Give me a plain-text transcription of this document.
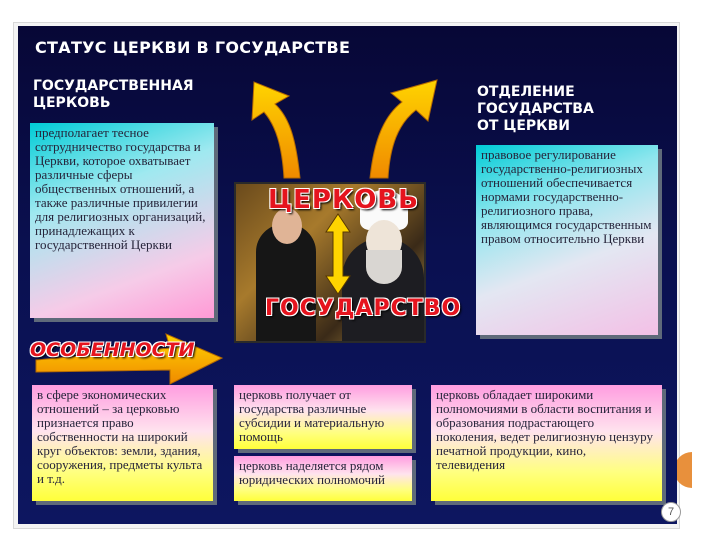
СТАТУС ЦЕРКВИ В ГОСУДАРСТВЕ
ГОСУДАРСТВЕННАЯ
ЦЕРКОВЬ
ОТДЕЛЕНИЕ
ГОСУДАРСТВА
ОТ ЦЕРКВИ
предполагает тесное сотрудничество государства и Церкви, которое охватывает различные сферы общественных отношений, а также различные привилегии для религиозных организаций, принадлежащих к государственной Церкви
правовое регулирование государственно-религиозных отношений обеспечивается нормами государственно-религиозного права, являющимся государственным правом относительно Церкви
ЦЕРКОВЬ
ГОСУДАРСТВО
ОСОБЕННОСТИ
в сфере экономических отношений – за церковью признается право собственности на широкий круг объектов: земли, здания, сооружения, предметы культа и т.д.
церковь получает от государства различные субсидии и материальную помощь
церковь наделяется рядом юридических полномочий
церковь обладает широкими полномочиями в области воспитания и образования подрастающего поколения, ведет религиозную цензуру печатной продукции, кино, телевидения
7
